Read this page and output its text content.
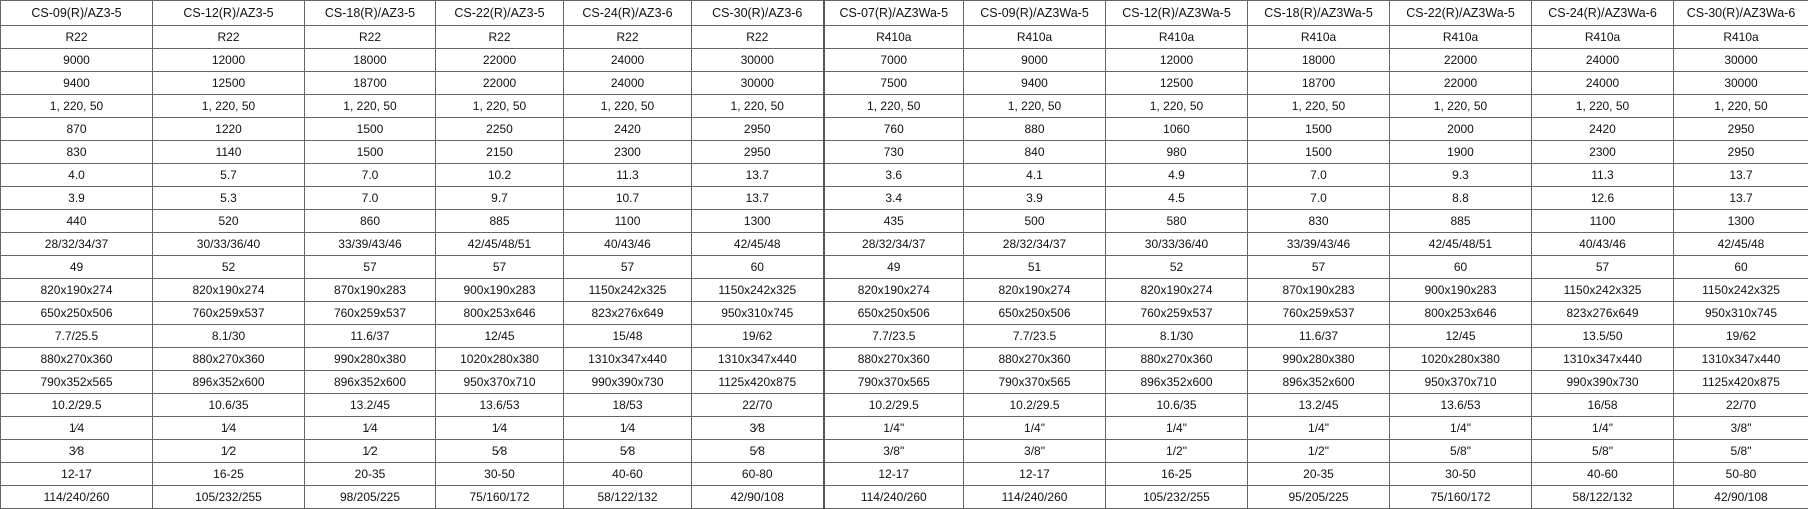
CS-09(R)/AZ3-5	CS-12(R)/AZ3-5	CS-18(R)/AZ3-5	CS-22(R)/AZ3-5	CS-24(R)/AZ3-6	CS-30(R)/AZ3-6	CS-07(R)/AZ3Wa-5	CS-09(R)/AZ3Wa-5	CS-12(R)/AZ3Wa-5	CS-18(R)/AZ3Wa-5	CS-22(R)/AZ3Wa-5	CS-24(R)/AZ3Wa-6	CS-30(R)/AZ3Wa-6
R22	R22	R22	R22	R22	R22	R410a	R410a	R410a	R410a	R410a	R410a	R410a
9000	12000	18000	22000	24000	30000	7000	9000	12000	18000	22000	24000	30000
9400	12500	18700	22000	24000	30000	7500	9400	12500	18700	22000	24000	30000
1, 220, 50	1, 220, 50	1, 220, 50	1, 220, 50	1, 220, 50	1, 220, 50	1, 220, 50	1, 220, 50	1, 220, 50	1, 220, 50	1, 220, 50	1, 220, 50	1, 220, 50
870	1220	1500	2250	2420	2950	760	880	1060	1500	2000	2420	2950
830	1140	1500	2150	2300	2950	730	840	980	1500	1900	2300	2950
4.0	5.7	7.0	10.2	11.3	13.7	3.6	4.1	4.9	7.0	9.3	11.3	13.7
3.9	5.3	7.0	9.7	10.7	13.7	3.4	3.9	4.5	7.0	8.8	12.6	13.7
440	520	860	885	1100	1300	435	500	580	830	885	1100	1300
28/32/34/37	30/33/36/40	33/39/43/46	42/45/48/51	40/43/46	42/45/48	28/32/34/37	28/32/34/37	30/33/36/40	33/39/43/46	42/45/48/51	40/43/46	42/45/48
49	52	57	57	57	60	49	51	52	57	60	57	60
820x190x274	820x190x274	870x190x283	900x190x283	1150x242x325	1150x242x325	820x190x274	820x190x274	820x190x274	870x190x283	900x190x283	1150x242x325	1150x242x325
650x250x506	760x259x537	760x259x537	800x253x646	823x276x649	950x310x745	650x250x506	650x250x506	760x259x537	760x259x537	800x253x646	823x276x649	950x310x745
7.7/25.5	8.1/30	11.6/37	12/45	15/48	19/62	7.7/23.5	7.7/23.5	8.1/30	11.6/37	12/45	13.5/50	19/62
880x270x360	880x270x360	990x280x380	1020x280x380	1310x347x440	1310x347x440	880x270x360	880x270x360	880x270x360	990x280x380	1020x280x380	1310x347x440	1310x347x440
790x352x565	896x352x600	896x352x600	950x370x710	990x390x730	1125x420x875	790x370x565	790x370x565	896x352x600	896x352x600	950x370x710	990x390x730	1125x420x875
10.2/29.5	10.6/35	13.2/45	13.6/53	18/53	22/70	10.2/29.5	10.2/29.5	10.6/35	13.2/45	13.6/53	16/58	22/70
1⁄4	1⁄4	1⁄4	1⁄4	1⁄4	3⁄8	1/4"	1/4"	1/4"	1/4"	1/4"	1/4"	3/8"
3⁄8	1⁄2	1⁄2	5⁄8	5⁄8	5⁄8	3/8"	3/8"	1/2"	1/2"	5/8"	5/8"	5/8"
12-17	16-25	20-35	30-50	40-60	60-80	12-17	12-17	16-25	20-35	30-50	40-60	50-80
114/240/260	105/232/255	98/205/225	75/160/172	58/122/132	42/90/108	114/240/260	114/240/260	105/232/255	95/205/225	75/160/172	58/122/132	42/90/108
